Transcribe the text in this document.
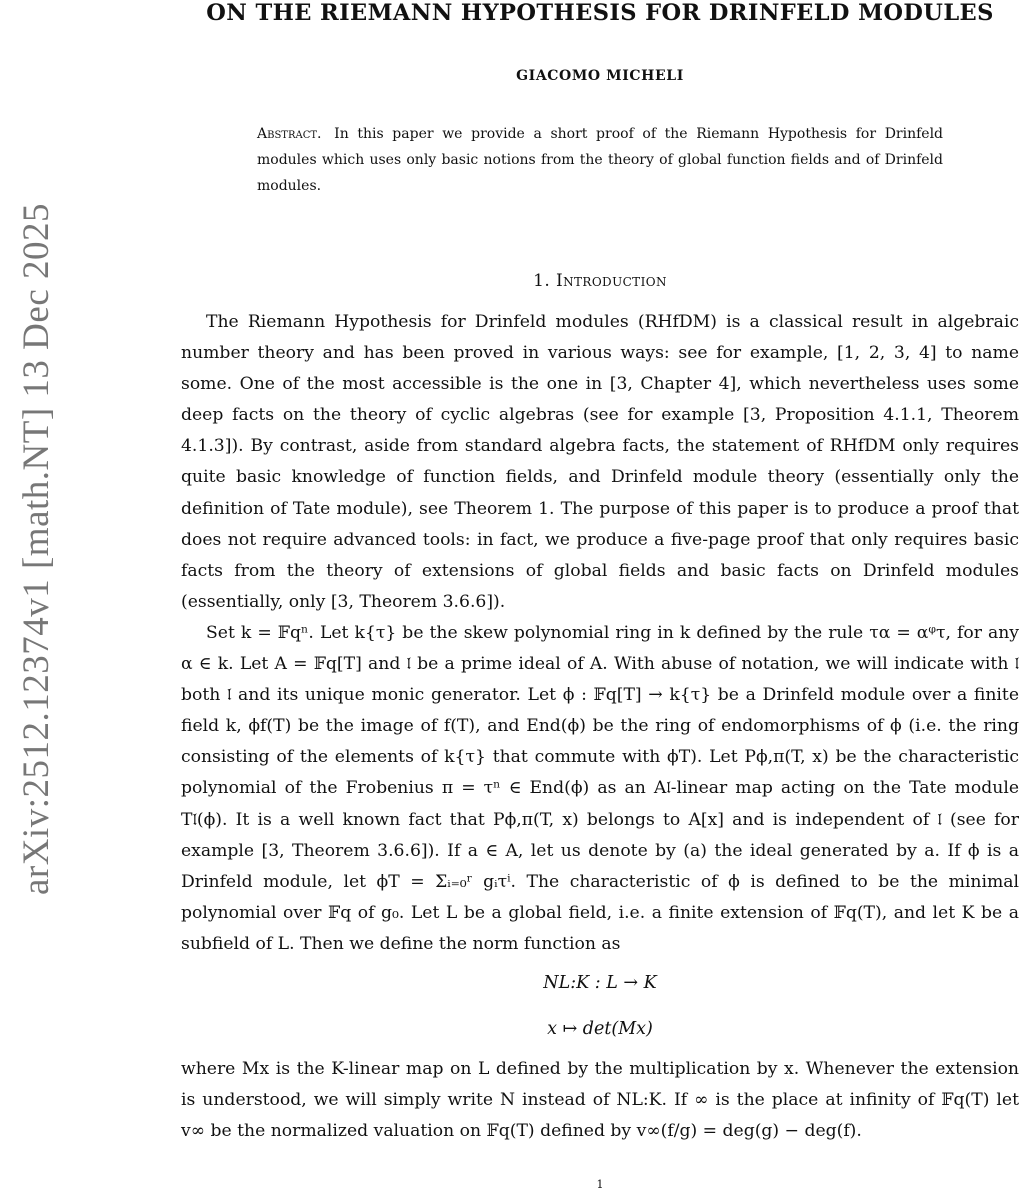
arXiv:2512.12374v1 [math.NT] 13 Dec 2025
ON THE RIEMANN HYPOTHESIS FOR DRINFELD MODULES
GIACOMO MICHELI
Abstract. In this paper we provide a short proof of the Riemann Hypothesis for Drinfeld modules which uses only basic notions from the theory of global function fields and of Drinfeld modules.
1. Introduction

The Riemann Hypothesis for Drinfeld modules (RHfDM) is a classical result in algebraic number theory and has been proved in various ways: see for example, [1, 2, 3, 4] to name some. One of the most accessible is the one in [3, Chapter 4], which nevertheless uses some deep facts on the theory of cyclic algebras (see for example [3, Proposition 4.1.1, Theorem 4.1.3]). By contrast, aside from standard algebra facts, the statement of RHfDM only requires quite basic knowledge of function fields, and Drinfeld module theory (essentially only the definition of Tate module), see Theorem 1. The purpose of this paper is to produce a proof that does not require advanced tools: in fact, we produce a five-page proof that only requires basic facts from the theory of extensions of global fields and basic facts on Drinfeld modules (essentially, only [3, Theorem 3.6.6]).

Set k = 𝔽qⁿ. Let k{τ} be the skew polynomial ring in k defined by the rule τα = αᵠτ, for any α ∈ k. Let A = 𝔽q[T] and 𝔩 be a prime ideal of A. With abuse of notation, we will indicate with 𝔩 both 𝔩 and its unique monic generator. Let ϕ : 𝔽q[T] → k{τ} be a Drinfeld module over a finite field k, ϕf(T) be the image of f(T), and End(ϕ) be the ring of endomorphisms of ϕ (i.e. the ring consisting of the elements of k{τ} that commute with ϕT). Let Pϕ,π(T, x) be the characteristic polynomial of the Frobenius π = τⁿ ∈ End(ϕ) as an A𝔩-linear map acting on the Tate module T𝔩(ϕ). It is a well known fact that Pϕ,π(T, x) belongs to A[x] and is independent of 𝔩 (see for example [3, Theorem 3.6.6]). If a ∈ A, let us denote by (a) the ideal generated by a. If ϕ is a Drinfeld module, let ϕT = Σᵢ₌₀ʳ gᵢτⁱ. The characteristic of ϕ is defined to be the minimal polynomial over 𝔽q of g₀. Let L be a global field, i.e. a finite extension of 𝔽q(T), and let K be a subfield of L. Then we define the norm function as

NL:K : L → K
x ↦ det(Mx)

where Mx is the K-linear map on L defined by the multiplication by x. Whenever the extension is understood, we will simply write N instead of NL:K. If ∞ is the place at infinity of 𝔽q(T) let v∞ be the normalized valuation on 𝔽q(T) defined by v∞(f/g) = deg(g) − deg(f).

1
